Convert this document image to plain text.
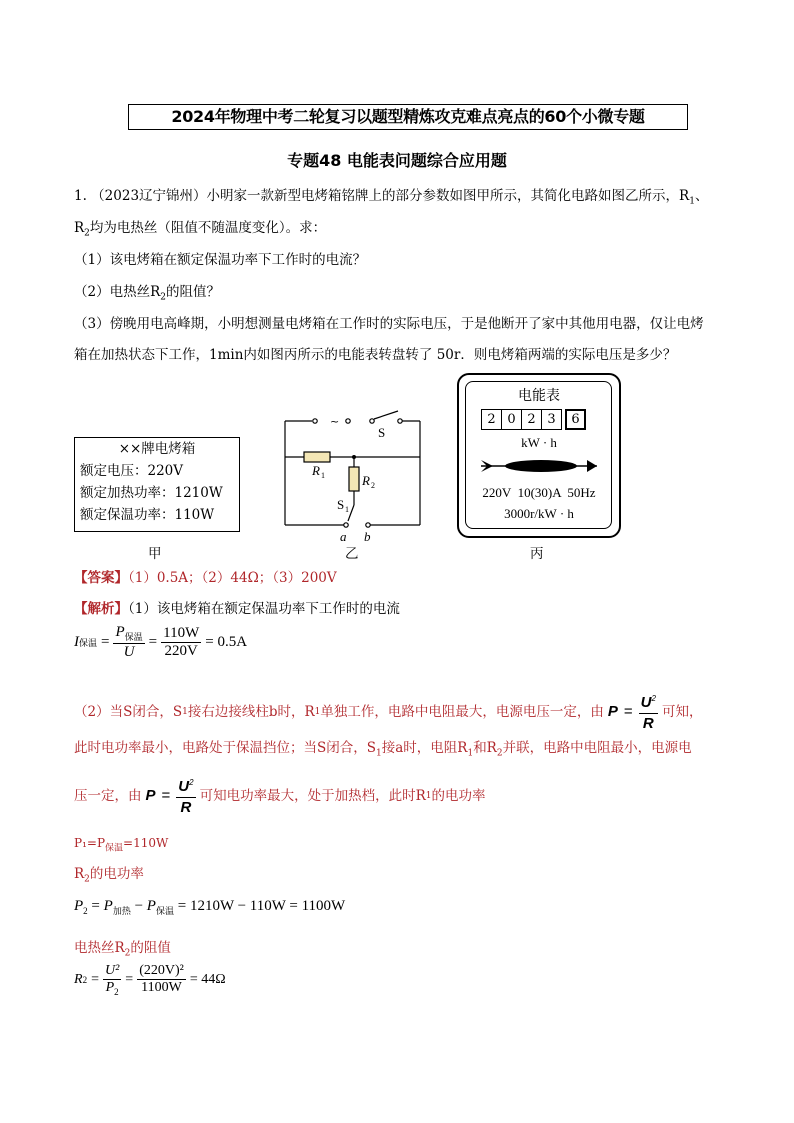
2024年物理中考二轮复习以题型精炼攻克难点亮点的60个小微专题
专题48 电能表问题综合应用题
1. （2023辽宁锦州）小明家一款新型电烤箱铭牌上的部分参数如图甲所示，其简化电路如图乙所示，$R_1$、
$R_2$均为电热丝（阻值不随温度变化）。求：
（1）该电烤箱在额定保温功率下工作时的电流？
（2）电热丝$R_2$的阻值？
（3）傍晚用电高峰期，小明想测量电烤箱在工作时的实际电压，于是他断开了家中其他用电器，仅让电烤
箱在加热状态下工作，1min内如图丙所示的电能表转盘转了 50r．则电烤箱两端的实际电压是多少？
××牌电烤箱
额定电压：220V
额定加热功率：1210W
额定保温功率：110W
甲
~
S
R 1	R 2
S 1
a b
乙
电能表
2 0 2 3	6
kW · h
220V  10(30)A  50Hz
3000r/kW · h
丙
【答案】（1）0.5A；（2）44Ω；（3）200V
【解析】（1）该电烤箱在额定保温功率下工作时的电流
I 保温 = $\frac{P_{保温}}{U} = \frac{110W}{220V} = 0.5A$
（2）当S闭合，S 1 接右边接线柱b时，R 1 单独工作，电路中电阻最大，电源电压一定，由 $P = \frac{U^2}{R}$ 可知，
此时电功率最小，电路处于保温挡位；当S闭合，$S_1$接a时，电阻$R_1$和$R_2$并联，电路中电阻最小，电源电
压一定，由 $P = \frac{U^2}{R}$ 可知电功率最大，处于加热档，此时R 1 的电功率
$P_1=P_{保温}=110W$
$R_2$的电功率
$P_2 = P_{加热} - P_{保温} = 1210W - 110W = 1100W$
电热丝$R_2$的阻值
R $2 = \frac{\text{U²}}{P_2} = \frac{\text{(220V)²}}{1100W} = 44\Omega$
